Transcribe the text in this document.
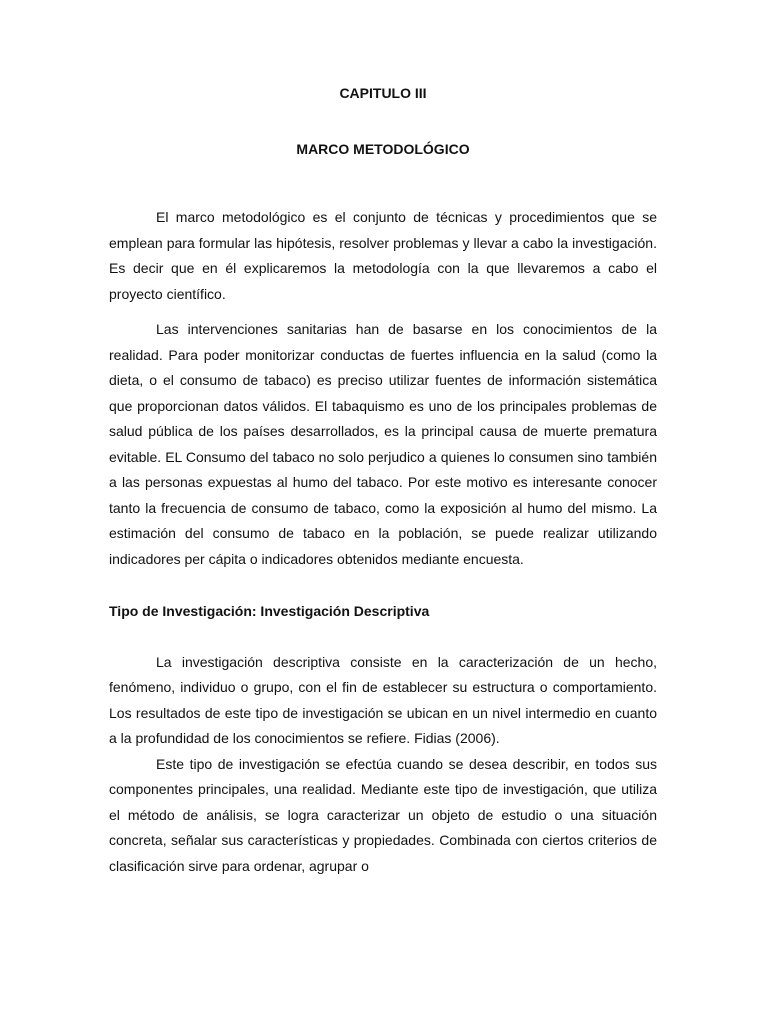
CAPITULO III
MARCO METODOLÓGICO

El marco metodológico es el conjunto de técnicas y procedimientos que se emplean para formular las hipótesis, resolver problemas y llevar a cabo la investigación. Es decir que en él explicaremos la metodología con la que llevaremos a cabo el proyecto científico.

Las intervenciones sanitarias han de basarse en los conocimientos de la realidad. Para poder monitorizar conductas de fuertes influencia en la salud (como la dieta, o el consumo de tabaco) es preciso utilizar fuentes de información sistemática que proporcionan datos válidos. El tabaquismo es uno de los principales problemas de salud pública de los países desarrollados, es la principal causa de muerte prematura evitable. EL Consumo del tabaco no solo perjudico a quienes lo consumen sino también a las personas expuestas al humo del tabaco. Por este motivo es interesante conocer tanto la frecuencia de consumo de tabaco, como la exposición al humo del mismo. La estimación del consumo de tabaco en la población, se puede realizar utilizando indicadores per cápita o indicadores obtenidos mediante encuesta.

Tipo de Investigación: Investigación Descriptiva

La investigación descriptiva consiste en la caracterización de un hecho, fenómeno, individuo o grupo, con el fin de establecer su estructura o comportamiento. Los resultados de este tipo de investigación se ubican en un nivel intermedio en cuanto a la profundidad de los conocimientos se refiere. Fidias (2006).

Este tipo de investigación se efectúa cuando se desea describir, en todos sus componentes principales, una realidad. Mediante este tipo de investigación, que utiliza el método de análisis, se logra caracterizar un objeto de estudio o una situación concreta, señalar sus características y propiedades. Combinada con ciertos criterios de clasificación sirve para ordenar, agrupar o
